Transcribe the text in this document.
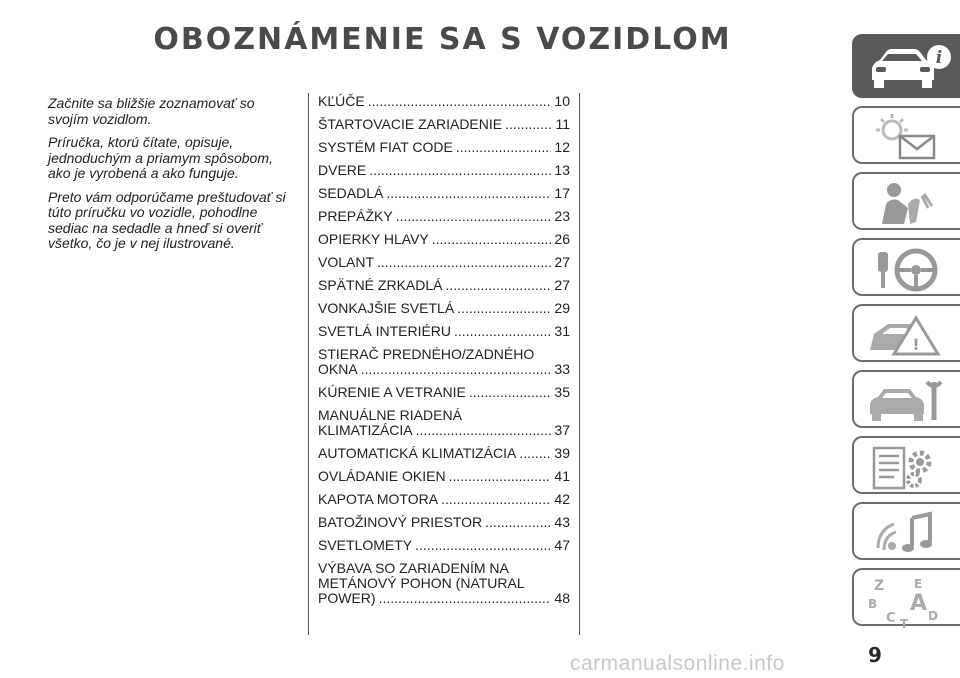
OBOZNÁMENIE SA S VOZIDLOM

Začnite sa bližšie zoznamovať so svojím vozidlom.

Príručka, ktorú čítate, opisuje, jednoduchým a priamym spôsobom, ako je vyrobená a ako funguje.

Preto vám odporúčame preštudovať si túto príručku vo vozidle, pohodlne sediac na sedadle a hneď si overiť všetko, čo je v nej ilustrované.

KĽÚČE .....	10
ŠTARTOVACIE ZARIADENIE .....	11
SYSTÉM FIAT CODE .....	12
DVERE .....	13
SEDADLÁ .....	17
PREPÁŽKY .....	23
OPIERKY HLAVY .....	26
VOLANT .....	27
SPÄTNÉ ZRKADLÁ .....	27
VONKAJŠIE SVETLÁ .....	29
SVETLÁ INTERIÉRU .....	31
STIERAČ PREDNÉHO/ZADNÉHO
OKNA .....	33
KÚRENIE A VETRANIE .....	35
MANUÁLNE RIADENÁ
KLIMATIZÁCIA .....	37
AUTOMATICKÁ KLIMATIZÁCIA .....	39
OVLÁDANIE OKIEN .....	41
KAPOTA MOTORA .....	42
BATOŽINOVÝ PRIESTOR .....	43
SVETLOMETY .....	47
VÝBAVA SO ZARIADENÍM NA
METÁNOVÝ POHON (NATURAL
POWER) .....	48
i
!
Z E
B A
C	D
T
9
carmanualsonline.info
